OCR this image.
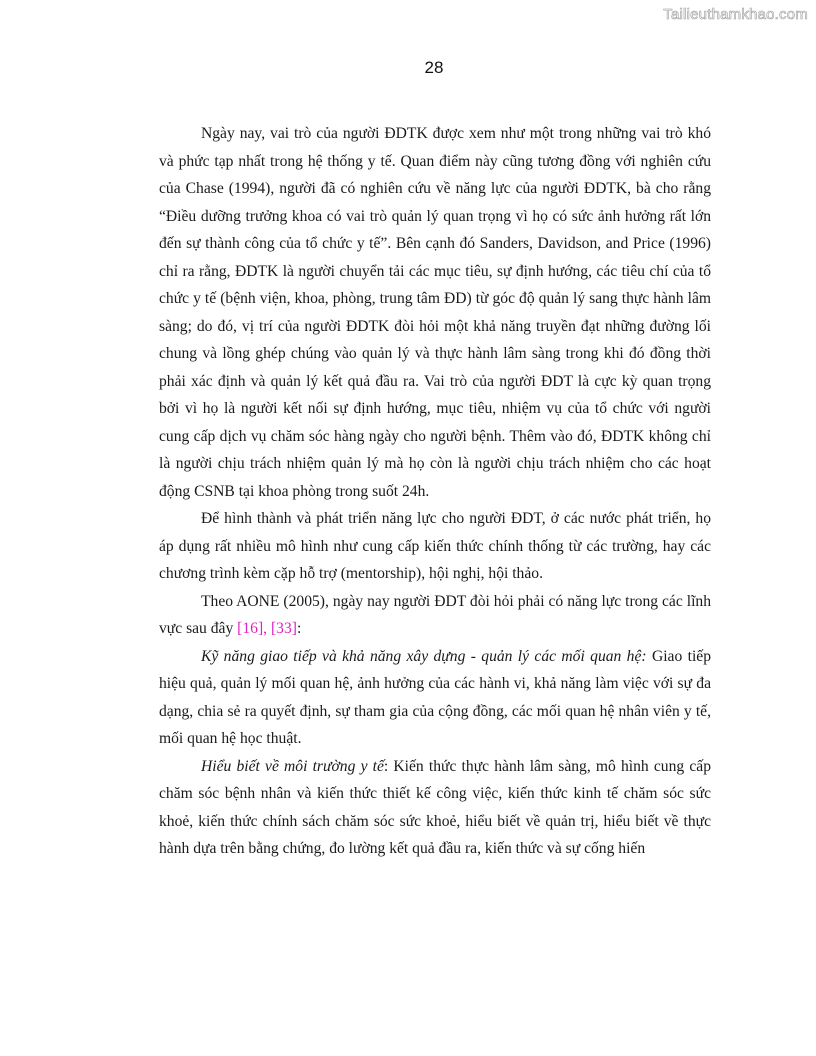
Tailieuthamkhao.com
28

Ngày nay, vai trò của người ĐDTK được xem như một trong những vai trò khó và phức tạp nhất trong hệ thống y tế. Quan điểm này cũng tương đồng với nghiên cứu của Chase (1994), người đã có nghiên cứu về năng lực của người ĐDTK, bà cho rằng “Điều dưỡng trưởng khoa có vai trò quản lý quan trọng vì họ có sức ảnh hưởng rất lớn đến sự thành công của tổ chức y tế”. Bên cạnh đó Sanders, Davidson, and Price (1996) chỉ ra rằng, ĐDTK là người chuyển tải các mục tiêu, sự định hướng, các tiêu chí của tổ chức y tế (bệnh viện, khoa, phòng, trung tâm ĐD) từ góc độ quản lý sang thực hành lâm sàng; do đó, vị trí của người ĐDTK đòi hỏi một khả năng truyền đạt những đường lối chung và lồng ghép chúng vào quản lý và thực hành lâm sàng trong khi đó đồng thời phải xác định và quản lý kết quả đầu ra. Vai trò của người ĐDT là cực kỳ quan trọng bởi vì họ là người kết nối sự định hướng, mục tiêu, nhiệm vụ của tổ chức với người cung cấp dịch vụ chăm sóc hàng ngày cho người bệnh. Thêm vào đó, ĐDTK không chỉ là người chịu trách nhiệm quản lý mà họ còn là người chịu trách nhiệm cho các hoạt động CSNB tại khoa phòng trong suốt 24h.

Để hình thành và phát triển năng lực cho người ĐDT, ở các nước phát triển, họ áp dụng rất nhiều mô hình như cung cấp kiến thức chính thống từ các trường, hay các chương trình kèm cặp hỗ trợ (mentorship), hội nghị, hội thảo.

Theo AONE (2005), ngày nay người ĐDT đòi hỏi phải có năng lực trong các lĩnh vực sau đây [16], [33]:

Kỹ năng giao tiếp và khả năng xây dựng - quản lý các mối quan hệ: Giao tiếp hiệu quả, quản lý mối quan hệ, ảnh hưởng của các hành vi, khả năng làm việc với sự đa dạng, chia sẻ ra quyết định, sự tham gia của cộng đồng, các mối quan hệ nhân viên y tế, mối quan hệ học thuật.

Hiểu biết về môi trường y tế: Kiến thức thực hành lâm sàng, mô hình cung cấp chăm sóc bệnh nhân và kiến thức thiết kế công việc, kiến thức kinh tế chăm sóc sức khoẻ, kiến thức chính sách chăm sóc sức khoẻ, hiểu biết về quản trị, hiểu biết về thực hành dựa trên bằng chứng, đo lường kết quả đầu ra, kiến thức và sự cống hiến
